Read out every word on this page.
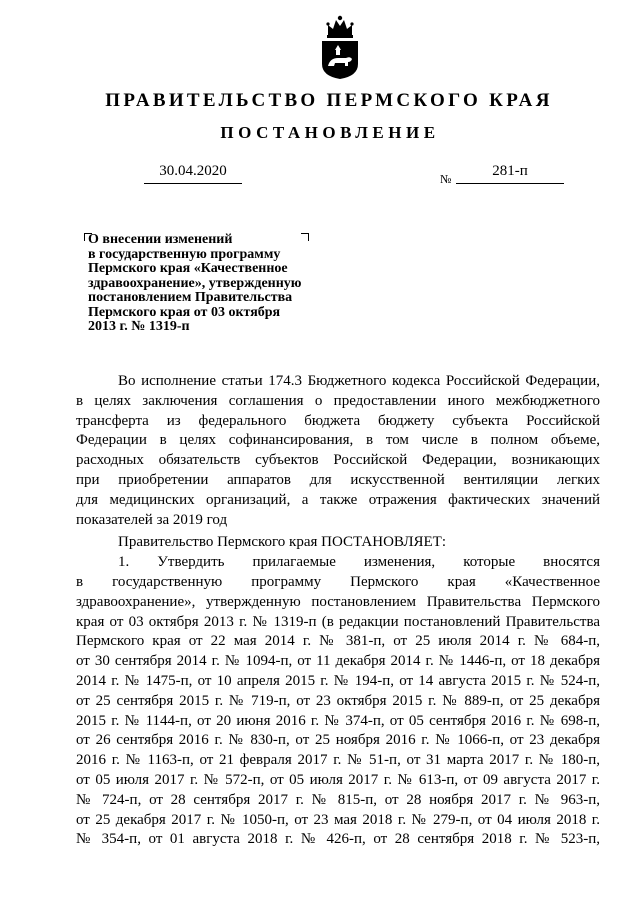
ПРАВИТЕЛЬСТВО ПЕРМСКОГО КРАЯ
ПОСТАНОВЛЕНИЕ
30.04.2020	№	281-п
О внесении изменений
в государственную программу
Пермского края «Качественное
здравоохранение», утвержденную
постановлением Правительства
Пермского края от 03 октября
2013 г. № 1319-п
Во исполнение статьи 174.3 Бюджетного кодекса Российской Федерации,
в целях заключения соглашения о предоставлении иного межбюджетного
трансферта из федерального бюджета бюджету субъекта Российской
Федерации в целях софинансирования, в том числе в полном объеме,
расходных обязательств субъектов Российской Федерации, возникающих
при приобретении аппаратов для искусственной вентиляции легких
для медицинских организаций, а также отражения фактических значений
показателей за 2019 год
Правительство Пермского края ПОСТАНОВЛЯЕТ:
1. Утвердить прилагаемые изменения, которые вносятся
в государственную программу Пермского края «Качественное
здравоохранение», утвержденную постановлением Правительства Пермского
края от 03 октября 2013 г. № 1319-п (в редакции постановлений Правительства
Пермского края от 22 мая 2014 г. № 381-п, от 25 июля 2014 г. № 684-п,
от 30 сентября 2014 г. № 1094-п, от 11 декабря 2014 г. № 1446-п, от 18 декабря
2014 г. № 1475-п, от 10 апреля 2015 г. № 194-п, от 14 августа 2015 г. № 524-п,
от 25 сентября 2015 г. № 719-п, от 23 октября 2015 г. № 889-п, от 25 декабря
2015 г. № 1144-п, от 20 июня 2016 г. № 374-п, от 05 сентября 2016 г. № 698-п,
от 26 сентября 2016 г. № 830-п, от 25 ноября 2016 г. № 1066-п, от 23 декабря
2016 г. № 1163-п, от 21 февраля 2017 г. № 51-п, от 31 марта 2017 г. № 180-п,
от 05 июля 2017 г. № 572-п, от 05 июля 2017 г. № 613-п, от 09 августа 2017 г.
№ 724-п, от 28 сентября 2017 г. № 815-п, от 28 ноября 2017 г. № 963-п,
от 25 декабря 2017 г. № 1050-п, от 23 мая 2018 г. № 279-п, от 04 июля 2018 г.
№ 354-п, от 01 августа 2018 г. № 426-п, от 28 сентября 2018 г. № 523-п,
